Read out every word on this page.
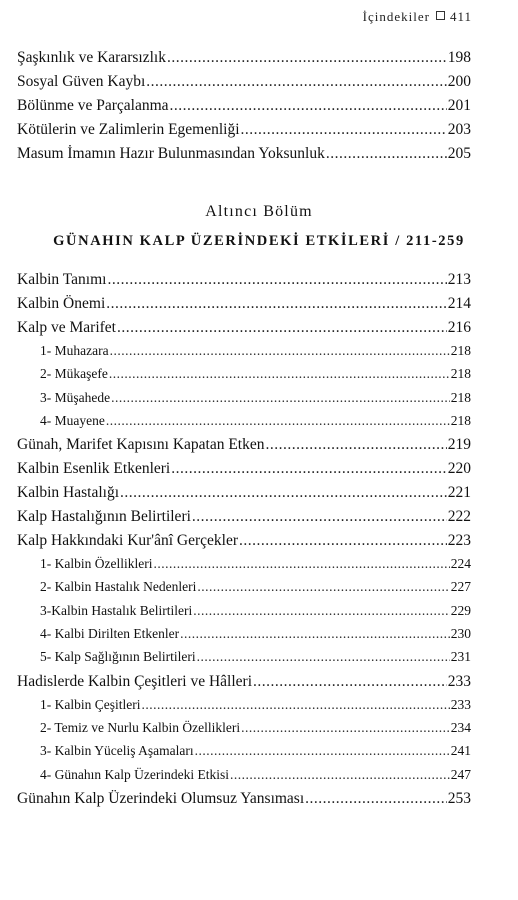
İçindekiler 411
Şaşkınlık ve Kararsızlık .....	198
Sosyal Güven Kaybı .....	200
Bölünme ve Parçalanma .....	201
Kötülerin ve Zalimlerin Egemenliği .....	203
Masum İmamın Hazır Bulunmasından Yoksunluk .....	205
Altıncı Bölüm
GÜNAHIN KALP ÜZERİNDEKİ ETKİLERİ / 211-259
Kalbin Tanımı .....	213
Kalbin Önemi .....	214
Kalp ve Marifet .....	216
1- Muhazara .....	218
2- Mükaşefe .....	218
3- Müşahede .....	218
4- Muayene .....	218
Günah, Marifet Kapısını Kapatan Etken .....	219
Kalbin Esenlik Etkenleri .....	220
Kalbin Hastalığı .....	221
Kalp Hastalığının Belirtileri .....	222
Kalp Hakkındaki Kur'ânî Gerçekler .....	223
1- Kalbin Özellikleri .....	224
2- Kalbin Hastalık Nedenleri .....	227
3-Kalbin Hastalık Belirtileri .....	229
4- Kalbi Dirilten Etkenler .....	230
5- Kalp Sağlığının Belirtileri .....	231
Hadislerde Kalbin Çeşitleri ve Hâlleri .....	233
1- Kalbin Çeşitleri .....	233
2- Temiz ve Nurlu Kalbin Özellikleri .....	234
3- Kalbin Yüceliş Aşamaları .....	241
4- Günahın Kalp Üzerindeki Etkisi .....	247
Günahın Kalp Üzerindeki Olumsuz Yansıması .....	253
